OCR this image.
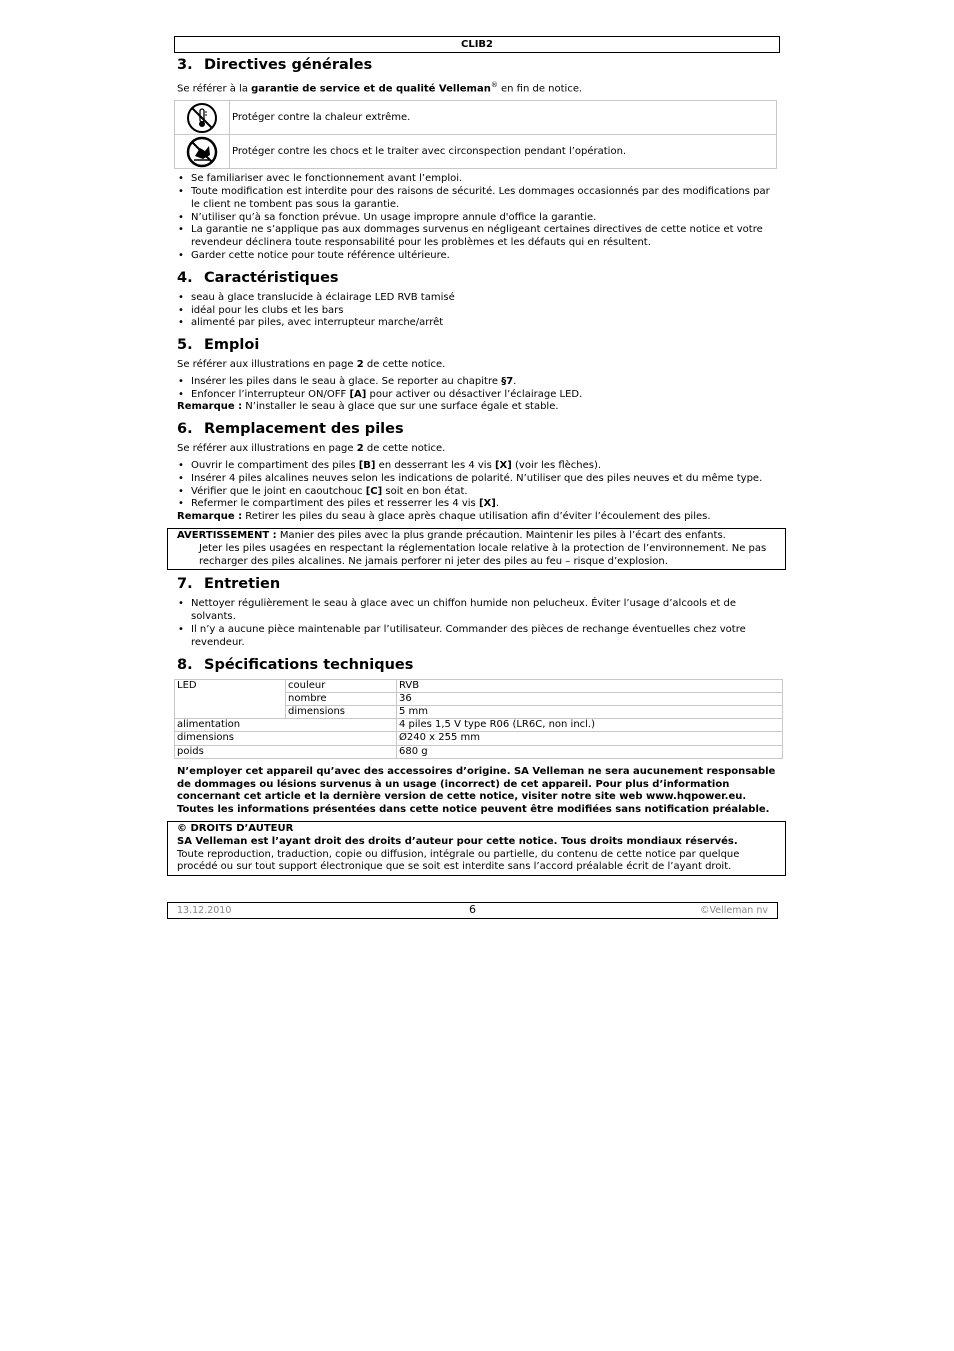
CLIB2
3. Directives générales

Se référer à la garantie de service et de qualité Velleman® en fin de notice.

	Protéger contre la chaleur extrême.

	Protéger contre les chocs et le traiter avec circonspection pendant l’opération.
• Se familiariser avec le fonctionnement avant l’emploi.
• Toute modification est interdite pour des raisons de sécurité. Les dommages occasionnés par des modifications par le client ne tombent pas sous la garantie.
• N’utiliser qu’à sa fonction prévue. Un usage impropre annule d'office la garantie.
• La garantie ne s’applique pas aux dommages survenus en négligeant certaines directives de cette notice et votre revendeur déclinera toute responsabilité pour les problèmes et les défauts qui en résultent.
• Garder cette notice pour toute référence ultérieure.
4. Caractéristiques
• seau à glace translucide à éclairage LED RVB tamisé
• idéal pour les clubs et les bars
• alimenté par piles, avec interrupteur marche/arrêt
5. Emploi

Se référer aux illustrations en page 2 de cette notice.

• Insérer les piles dans le seau à glace. Se reporter au chapitre §7.
• Enfoncer l’interrupteur ON/OFF [A] pour activer ou désactiver l’éclairage LED.

Remarque : N’installer le seau à glace que sur une surface égale et stable.

6. Remplacement des piles

Se référer aux illustrations en page 2 de cette notice.

• Ouvrir le compartiment des piles [B] en desserrant les 4 vis [X] (voir les flèches).
• Insérer 4 piles alcalines neuves selon les indications de polarité. N’utiliser que des piles neuves et du même type.
• Vérifier que le joint en caoutchouc [C] soit en bon état.
• Refermer le compartiment des piles et resserrer les 4 vis [X].

Remarque : Retirer les piles du seau à glace après chaque utilisation afin d’éviter l’écoulement des piles.

AVERTISSEMENT : Manier des piles avec la plus grande précaution. Maintenir les piles à l’écart des enfants.

Jeter les piles usagées en respectant la réglementation locale relative à la protection de l’environnement. Ne pas recharger des piles alcalines. Ne jamais perforer ni jeter des piles au feu – risque d’explosion.

7. Entretien
• Nettoyer régulièrement le seau à glace avec un chiffon humide non pelucheux. Éviter l’usage d’alcools et de solvants.
• Il n’y a aucune pièce maintenable par l’utilisateur. Commander des pièces de rechange éventuelles chez votre revendeur.
8. Spécifications techniques
LED	couleur	RVB
	nombre	36
	dimensions	5 mm
alimentation		4 piles 1,5 V type R06 (LR6C, non incl.)
dimensions		Ø240 x 255 mm
poids		680 g

N’employer cet appareil qu’avec des accessoires d’origine. SA Velleman ne sera aucunement responsable de dommages ou lésions survenus à un usage (incorrect) de cet appareil. Pour plus d’information concernant cet article et la dernière version de cette notice, visiter notre site web www.hqpower.eu. Toutes les informations présentées dans cette notice peuvent être modifiées sans notification préalable.

© DROITS D’AUTEUR

SA Velleman est l’ayant droit des droits d’auteur pour cette notice. Tous droits mondiaux réservés.

Toute reproduction, traduction, copie ou diffusion, intégrale ou partielle, du contenu de cette notice par quelque procédé ou sur tout support électronique que se soit est interdite sans l’accord préalable écrit de l’ayant droit.

13.12.2010	6	©Velleman nv
